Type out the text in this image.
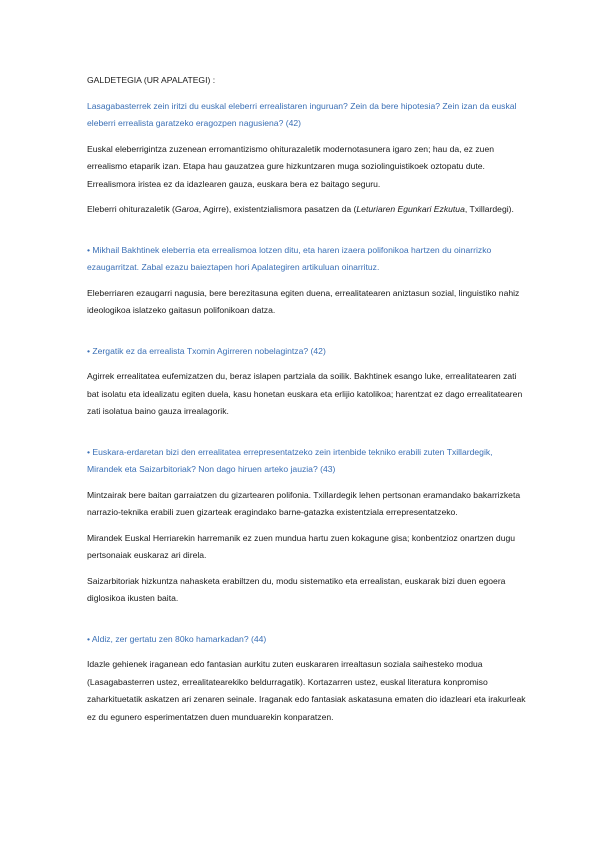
GALDETEGIA (UR APALATEGI) :

Lasagabasterrek zein iritzi du euskal eleberri errealistaren inguruan? Zein da bere hipotesia? Zein izan da euskal eleberri errealista garatzeko eragozpen nagusiena? (42)

Euskal eleberrigintza zuzenean erromantizismo ohiturazaletik modernotasunera igaro zen; hau da, ez zuen errealismo etaparik izan. Etapa hau gauzatzea gure hizkuntzaren muga soziolinguistikoek oztopatu dute. Errealismora iristea ez da idazlearen gauza, euskara bera ez baitago seguru.

Eleberri ohiturazaletik (Garoa, Agirre), existentzialismora pasatzen da (Leturiaren Egunkari Ezkutua, Txillardegi).

• Mikhail Bakhtinek eleberria eta errealismoa lotzen ditu, eta haren izaera polifonikoa hartzen du oinarrizko ezaugarritzat. Zabal ezazu baieztapen hori Apalategiren artikuluan oinarrituz.

Eleberriaren ezaugarri nagusia, bere berezitasuna egiten duena, errealitatearen aniztasun sozial, linguistiko nahiz ideologikoa islatzeko gaitasun polifonikoan datza.

• Zergatik ez da errealista Txomin Agirreren nobelagintza? (42)

Agirrek errealitatea eufemizatzen du, beraz islapen partziala da soilik. Bakhtinek esango luke, errealitatearen zati bat isolatu eta idealizatu egiten duela, kasu honetan euskara eta erlijio katolikoa; harentzat ez dago errealitatearen zati isolatua baino gauza irrealagorik.

• Euskara-erdaretan bizi den errealitatea errepresentatzeko zein irtenbide tekniko erabili zuten Txillardegik, Mirandek eta Saizarbitoriak? Non dago hiruen arteko jauzia? (43)

Mintzairak bere baitan garraiatzen du gizartearen polifonia. Txillardegik lehen pertsonan eramandako bakarrizketa narrazio-teknika erabili zuen gizarteak eragindako barne-gatazka existentziala errepresentatzeko.

Mirandek Euskal Herriarekin harremanik ez zuen mundua hartu zuen kokagune gisa; konbentzioz onartzen dugu pertsonaiak euskaraz ari direla.

Saizarbitoriak hizkuntza nahasketa erabiltzen du, modu sistematiko eta errealistan, euskarak bizi duen egoera diglosikoa ikusten baita.

• Aldiz, zer gertatu zen 80ko hamarkadan? (44)

Idazle gehienek iraganean edo fantasian aurkitu zuten euskararen irrealtasun soziala saihesteko modua (Lasagabasterren ustez, errealitatearekiko beldurragatik). Kortazarren ustez, euskal literatura konpromiso zaharkituetatik askatzen ari zenaren seinale. Iraganak edo fantasiak askatasuna ematen dio idazleari eta irakurleak ez du egunero esperimentatzen duen munduarekin konparatzen.
